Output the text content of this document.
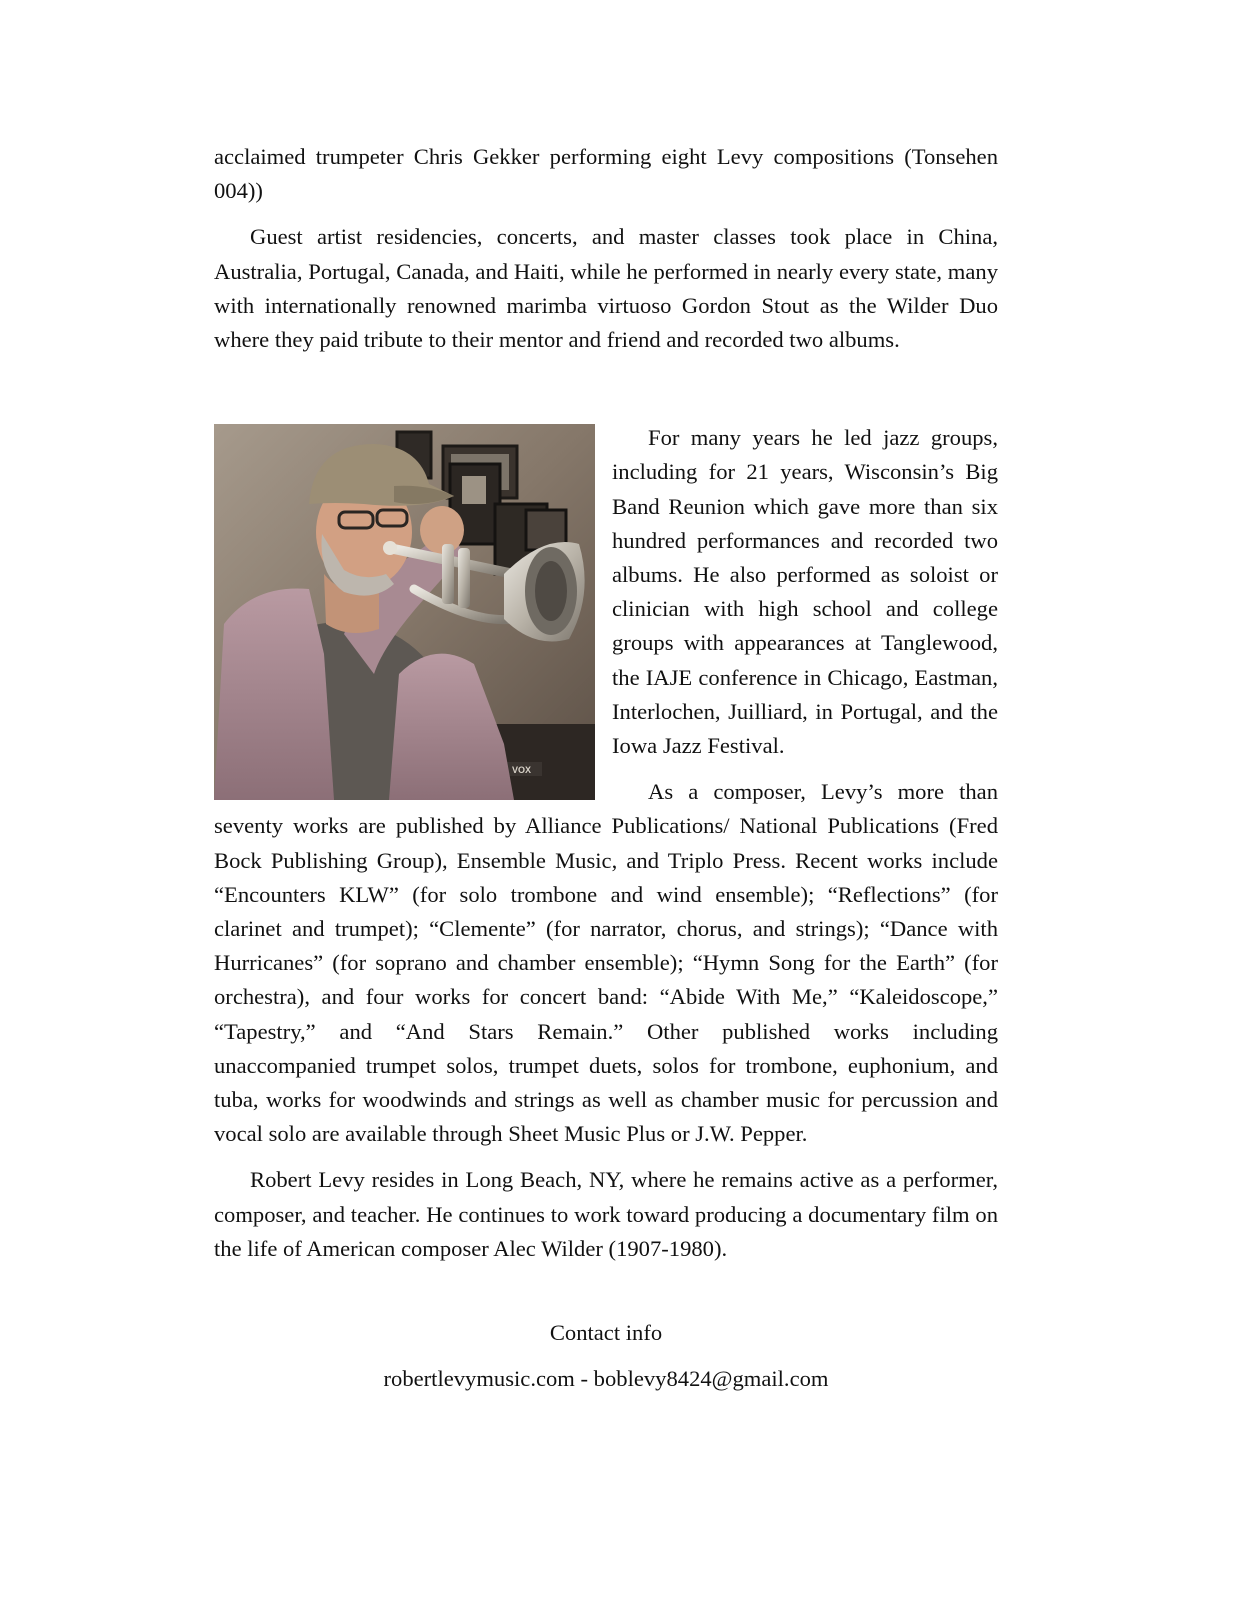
acclaimed trumpeter Chris Gekker performing eight Levy compositions (Tonsehen 004))

Guest artist residencies, concerts, and master classes took place in China, Australia, Portugal, Canada, and Haiti, while he performed in nearly every state, many with internationally renowned marimba virtuoso Gordon Stout as the Wilder Duo where they paid tribute to their mentor and friend and recorded two albums.

VOX

For many years he led jazz groups, including for 21 years, Wisconsin’s Big Band Reunion which gave more than six hundred performances and recorded two albums. He also performed as soloist or clinician with high school and college groups with appearances at Tanglewood, the IAJE conference in Chicago, Eastman, Interlochen, Juilliard, in Portugal, and the Iowa Jazz Festival.

As a composer, Levy’s more than seventy works are published by Alliance Publications/ National Publications (Fred Bock Publishing Group), Ensemble Music, and Triplo Press. Recent works include “Encounters KLW” (for solo trombone and wind ensemble); “Reflections” (for clarinet and trumpet); “Clemente” (for narrator, chorus, and strings); “Dance with Hurricanes” (for soprano and chamber ensemble); “Hymn Song for the Earth” (for orchestra), and four works for concert band: “Abide With Me,” “Kaleidoscope,” “Tapestry,” and “And Stars Remain.” Other published works including unaccompanied trumpet solos, trumpet duets, solos for trombone, euphonium, and tuba, works for woodwinds and strings as well as chamber music for percussion and vocal solo are available through Sheet Music Plus or J.W. Pepper.

Robert Levy resides in Long Beach, NY, where he remains active as a performer, composer, and teacher. He continues to work toward producing a documentary film on the life of American composer Alec Wilder (1907-1980).

Contact info
robertlevymusic.com - boblevy8424@gmail.com
